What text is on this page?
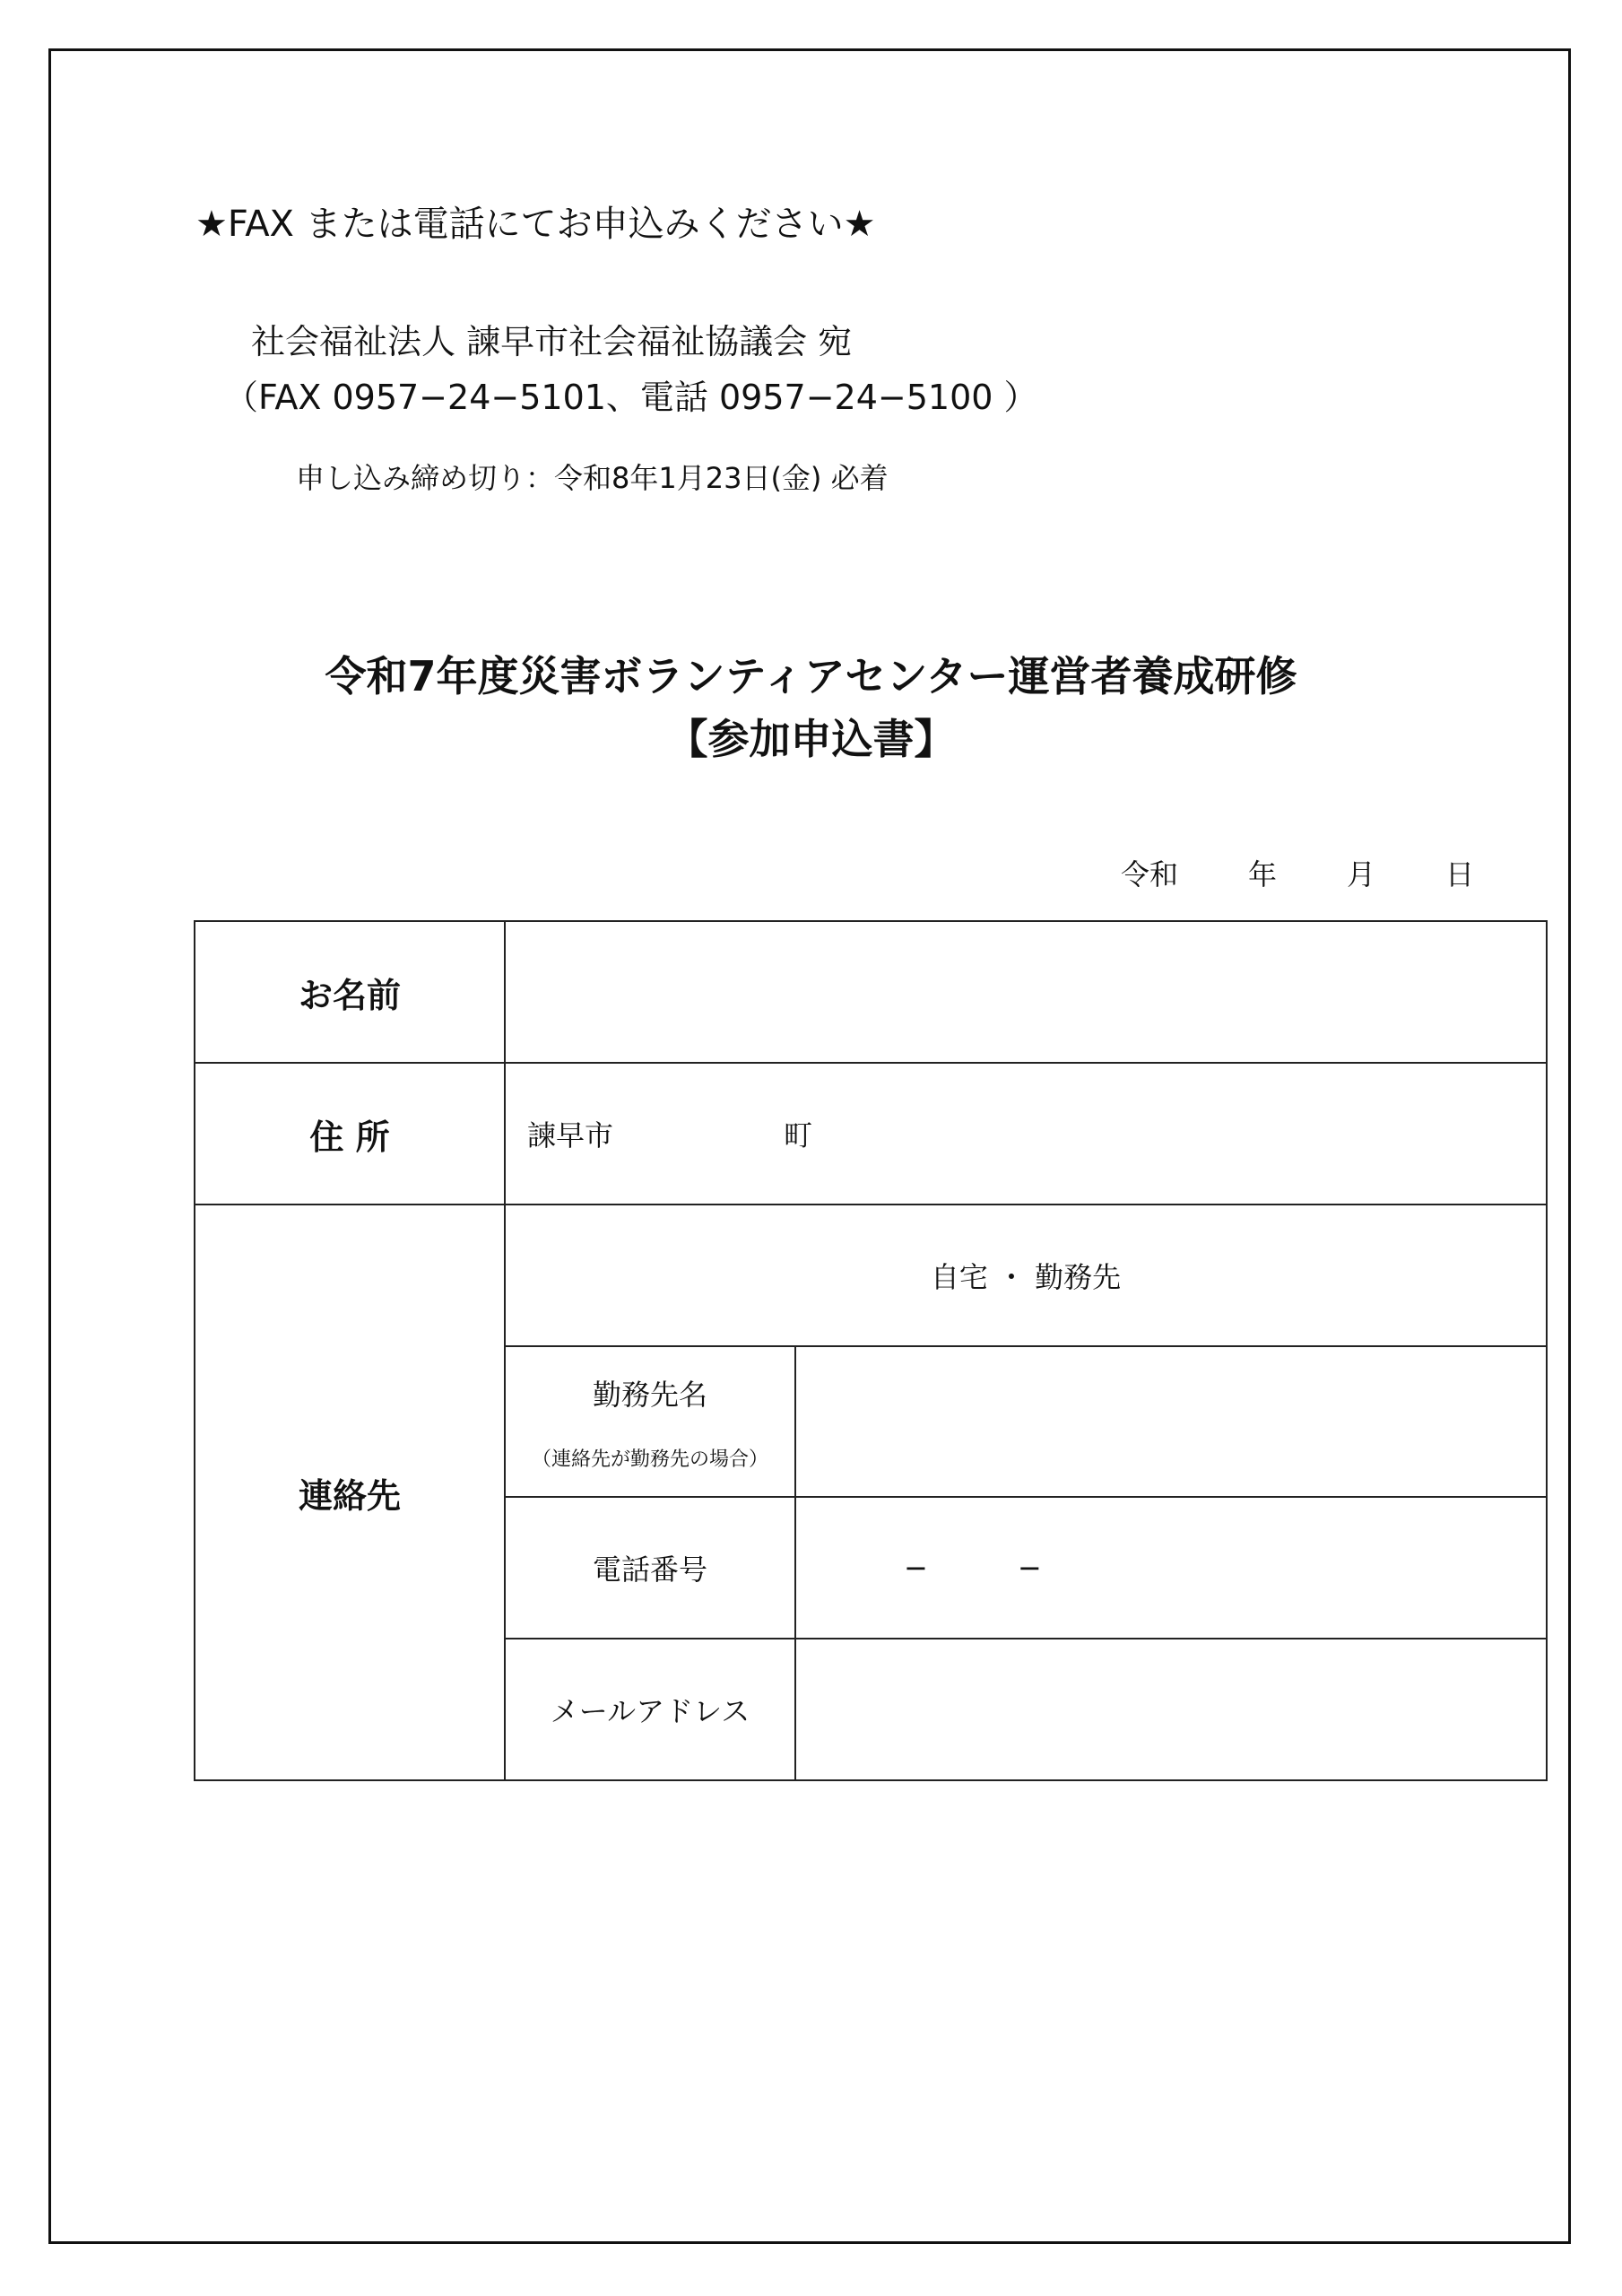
★FAX または電話にてお申込みください★
社会福祉法人 諫早市社会福祉協議会 宛
（FAX 0957−24−5101、電話 0957−24−5100 ）
申し込み締め切り：令和8年1月23日(金) 必着
令和7年度災害ボランティアセンター運営者養成研修
【参加申込書】
令和 年 月 日
お名前		
住 所	諫早市 町	
連絡先	自宅 ・ 勤務先	
	勤務先名
（連絡先が勤務先の場合）	

	電話番号	− −
	メールアドレス	
